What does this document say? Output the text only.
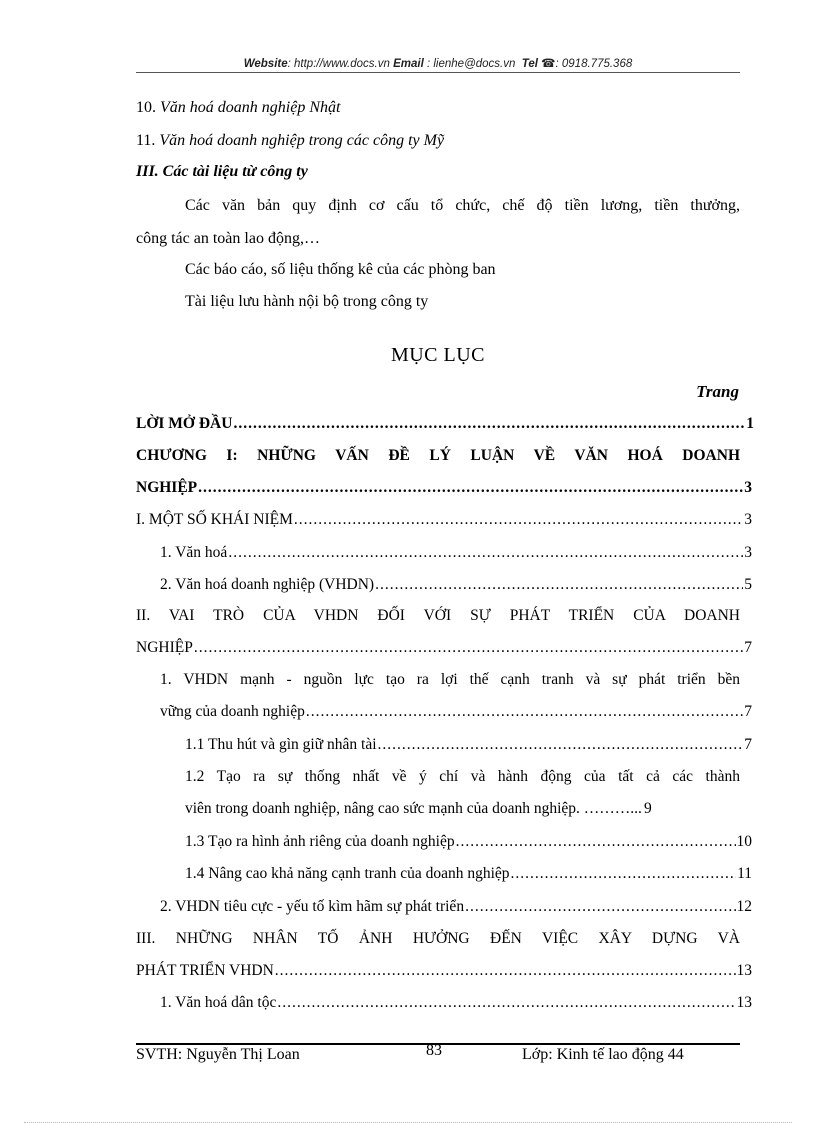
Website: http://www.docs.vn Email : lienhe@docs.vn Tel ☎: 0918.775.368
10. Văn hoá doanh nghiệp Nhật
11. Văn hoá doanh nghiệp trong các công ty Mỹ
III. Các tài liệu từ công ty
Các văn bản quy định cơ cấu tổ chức, chế độ tiền lương, tiền thưởng,
công tác an toàn lao động,…
Các báo cáo, số liệu thống kê của các phòng ban
Tài liệu lưu hành nội bộ trong công ty
MỤC LỤC
Trang
LỜI MỞ ĐẦU .....	1
CHƯƠNG I: NHỮNG VẤN ĐỀ LÝ LUẬN VỀ VĂN HOÁ DOANH
NGHIỆP .....	3
I. MỘT SỐ KHÁI NIỆM .....	3
1. Văn hoá .....	3
2. Văn hoá doanh nghiệp (VHDN) .....	5
II. VAI TRÒ CỦA VHDN ĐỐI VỚI SỰ PHÁT TRIỂN CỦA DOANH
NGHIỆP .....	7
1. VHDN mạnh - nguồn lực tạo ra lợi thế cạnh tranh và sự phát triển bền
vững của doanh nghiệp .....	7
1.1 Thu hút và gìn giữ nhân tài .....	7
1.2 Tạo ra sự thống nhất về ý chí và hành động của tất cả các thành
viên trong doanh nghiệp, nâng cao sức mạnh của doanh nghiệp. ………... 9
1.3 Tạo ra hình ảnh riêng của doanh nghiệp .....	10
1.4 Nâng cao khả năng cạnh tranh của doanh nghiệp .....	11
2. VHDN tiêu cực - yếu tố kìm hãm sự phát triển .....	12
III. NHỮNG NHÂN TỐ ẢNH HƯỞNG ĐẾN VIỆC XÂY DỰNG VÀ
PHÁT TRIỂN VHDN .....	13
1. Văn hoá dân tộc .....	13
SVTH: Nguyễn Thị Loan	83	Lớp: Kinh tế lao động 44
